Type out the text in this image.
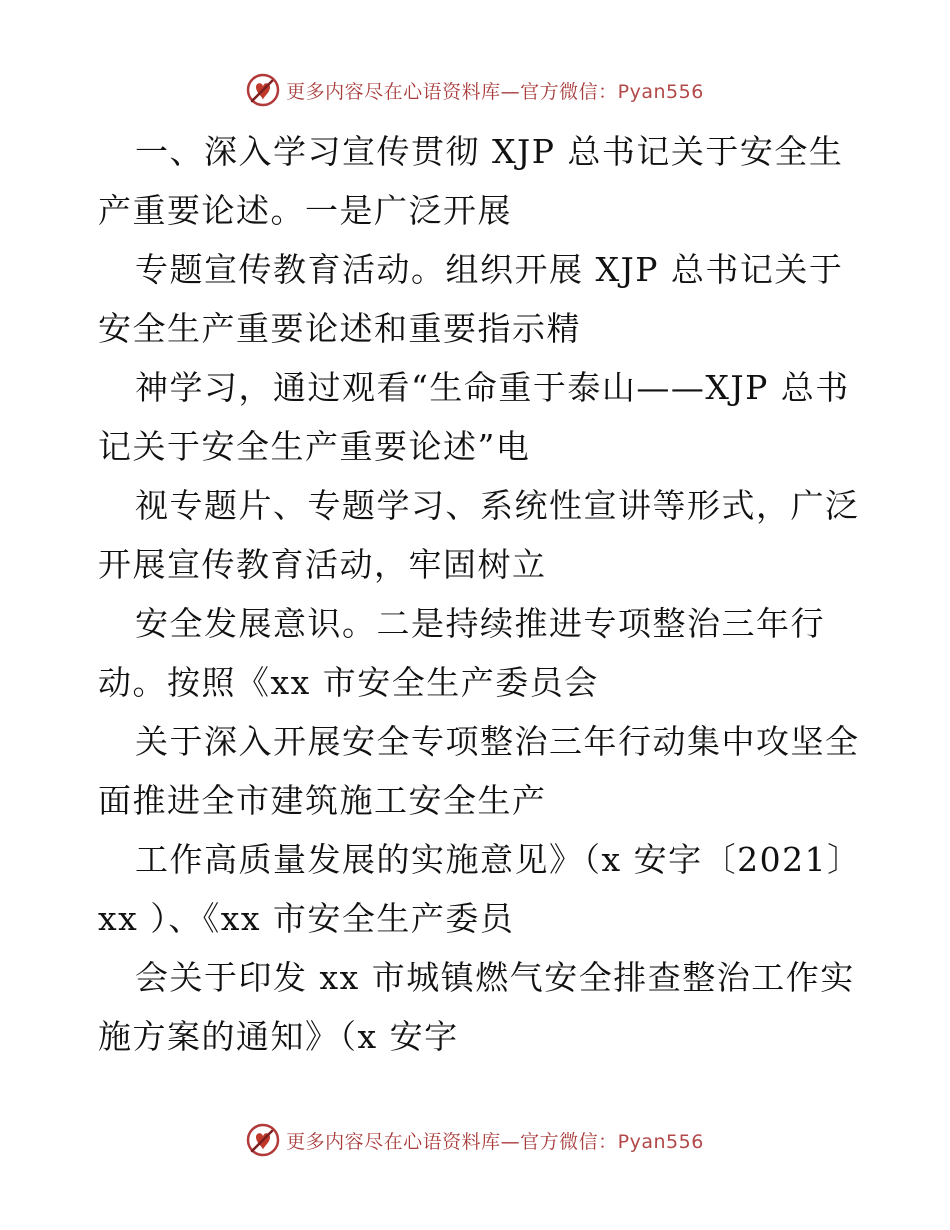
更多内容尽在心语资料库—官方微信：Pyan556

一、深入学习宣传贯彻 XJP 总书记关于安全生
产重要论述。一是广泛开展

专题宣传教育活动。组织开展 XJP 总书记关于
安全生产重要论述和重要指示精

神学习，通过观看“生命重于泰山——XJP 总书
记关于安全生产重要论述”电

视专题片、专题学习、系统性宣讲等形式，广泛
开展宣传教育活动，牢固树立

安全发展意识。二是持续推进专项整治三年行
动。按照《xx 市安全生产委员会

关于深入开展安全专项整治三年行动集中攻坚全
面推进全市建筑施工安全生产

工作高质量发展的实施意见》（x 安字〔2021〕
xx ）、《xx 市安全生产委员

会关于印发 xx 市城镇燃气安全排查整治工作实
施方案的通知》（x 安字

更多内容尽在心语资料库—官方微信：Pyan556
